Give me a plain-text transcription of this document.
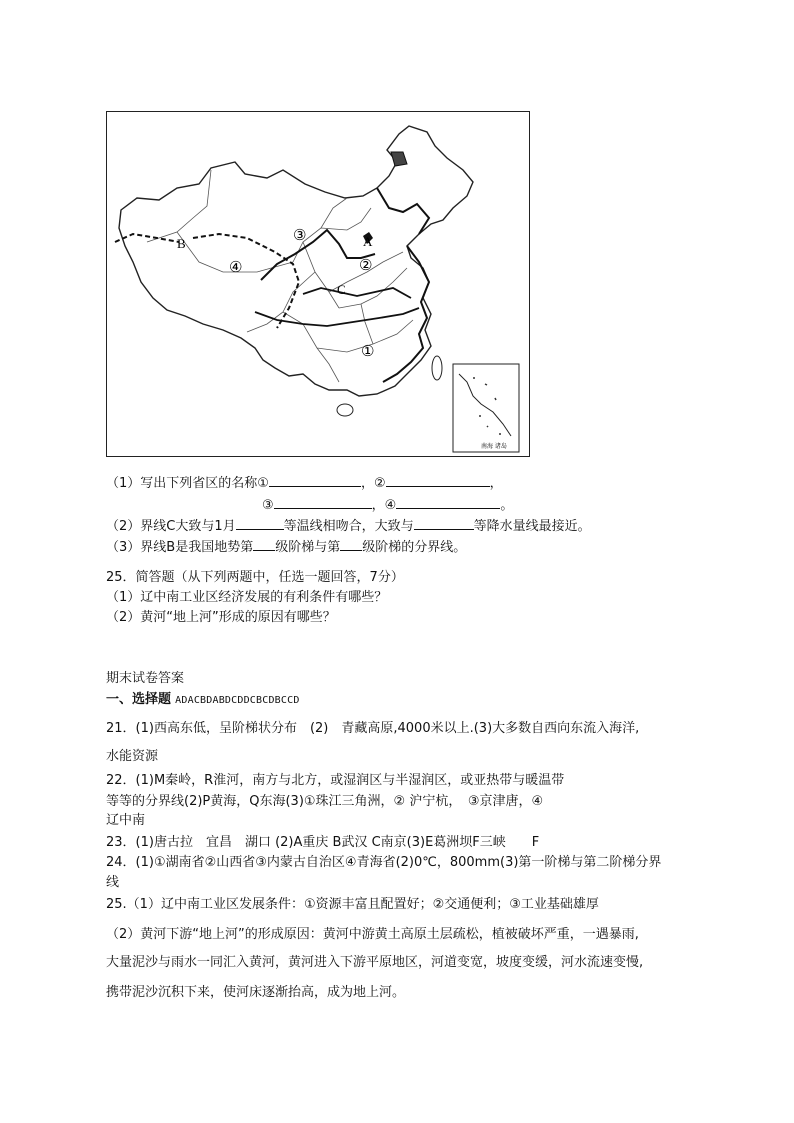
B	A
C
③
④	②
①
南海 诸岛
（1）写出下列省区的名称①	，②	，
③	，④	。
（2）界线C大致与1月	等温线相吻合，大致与	等降水量线最接近。
（3）界线B是我国地势第 级阶梯与第 级阶梯的分界线。
25．简答题（从下列两题中，任选一题回答，7分）
（1）辽中南工业区经济发展的有利条件有哪些？
（2）黄河“地上河”形成的原因有哪些？
期末试卷答案
一、选择题 ADACBDABDCDDCBCDBCCD
21．(1)西高东低，呈阶梯状分布　(2)　青藏高原,4000米以上.(3)大多数自西向东流入海洋,
水能资源
22．(1)M秦岭，R淮河，南方与北方，或湿润区与半湿润区，或亚热带与暖温带
等等的分界线(2)P黄海，Q东海(3)①珠江三角洲，② 沪宁杭，　③京津唐，④
辽中南
23．(1)唐古拉　宜昌　湖口 (2)A重庆 B武汉 C南京(3)E葛洲坝F三峡　　F
24．(1)①湖南省②山西省③内蒙古自治区④青海省(2)0℃，800mm(3)第一阶梯与第二阶梯分界
线
25.（1）辽中南工业区发展条件：①资源丰富且配置好；②交通便利；③工业基础雄厚
（2）黄河下游“地上河”的形成原因：黄河中游黄土高原土层疏松，植被破坏严重，一遇暴雨,
大量泥沙与雨水一同汇入黄河，黄河进入下游平原地区，河道变宽，坡度变缓，河水流速变慢,
携带泥沙沉积下来，使河床逐渐抬高，成为地上河。
